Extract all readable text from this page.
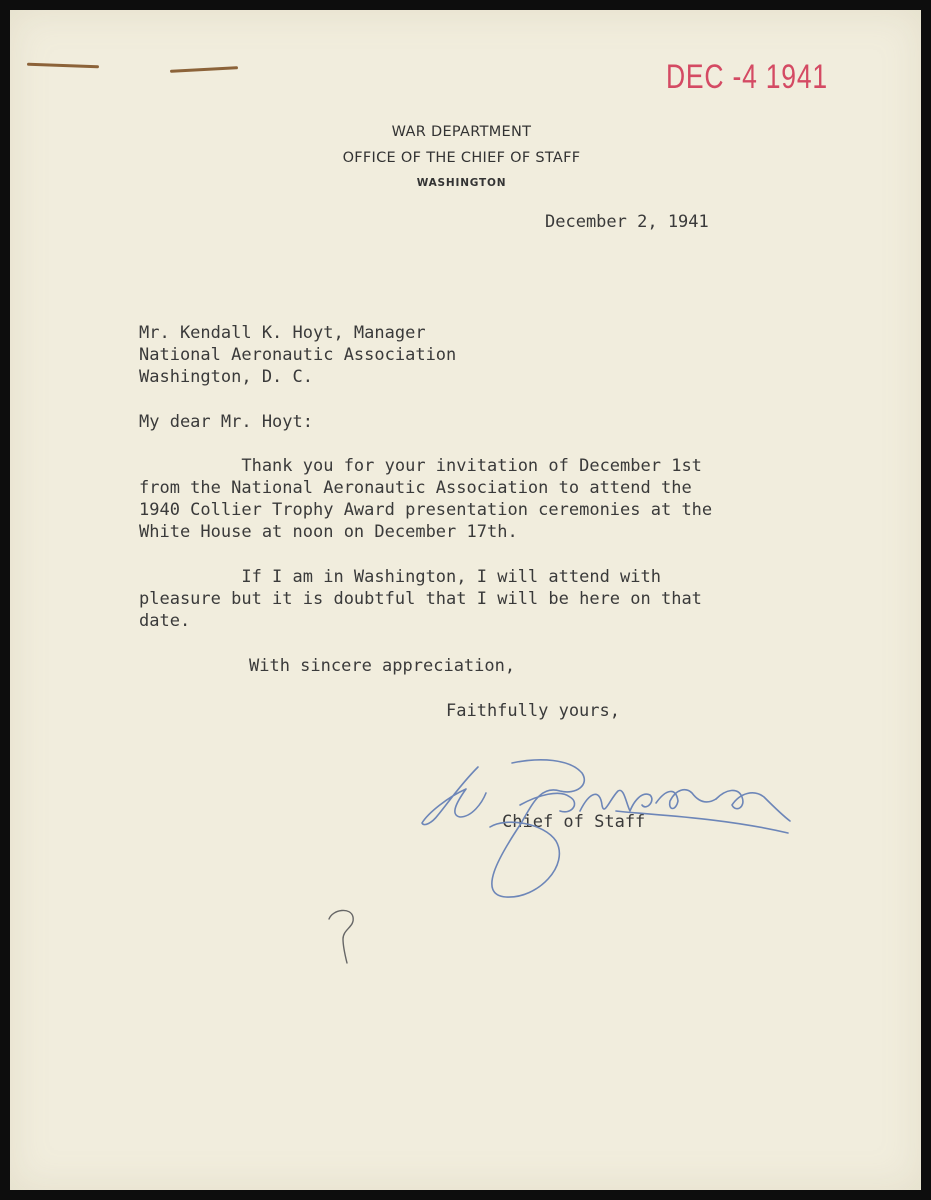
DEC -4 1941
WAR DEPARTMENT
OFFICE OF THE CHIEF OF STAFF
WASHINGTON
December 2, 1941
Mr. Kendall K. Hoyt, Manager
National Aeronautic Association
Washington, D. C.
My dear Mr. Hoyt:
Thank you for your invitation of December 1st
from the National Aeronautic Association to attend the
1940 Collier Trophy Award presentation ceremonies at the
White House at noon on December 17th.
If I am in Washington, I will attend with
pleasure but it is doubtful that I will be here on that
date.
With sincere appreciation,
Faithfully yours,
Chief of Staff
